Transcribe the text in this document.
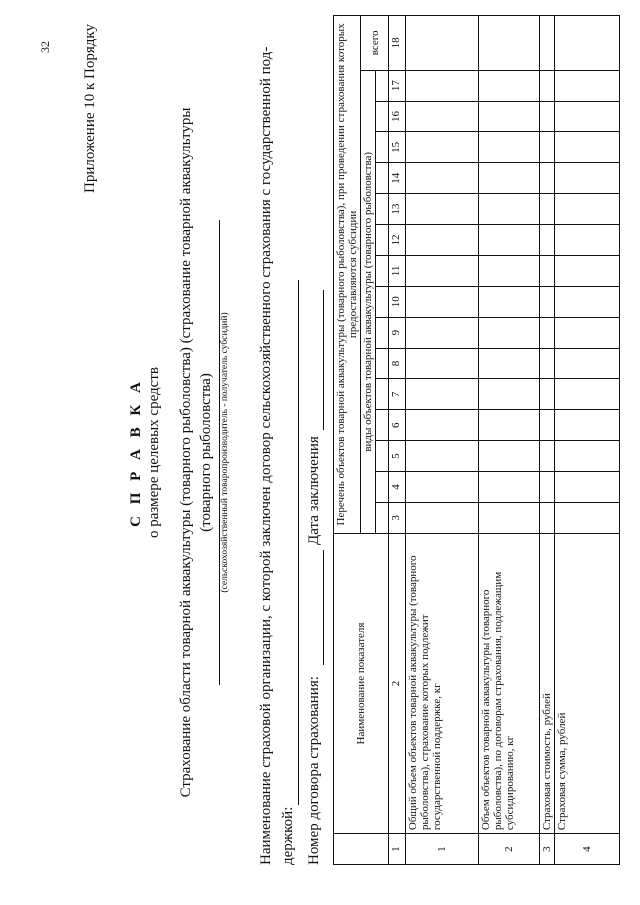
32 Приложение 10 к Порядку
С П Р А В К А о размере целевых средств Страхование области товарной аквакультуры (товарного рыболовства) (страхование товарной аквакультуры (товарного рыболовства) (сельскохозяйственный товаропроизводитель - получатель субсидий) Наименование страховой организации, с которой заключен договор сельскохозяйственного страхования с государственной под- держкой: Номер договора страхования:
Дата заключения
	Наименование показателя	Перечень объектов товарной аквакультуры (товарного рыболовства), при проведении страхования которых предоставляются субсидии															
		виды объектов товарной аквакультуры (товарного рыболовства)															всего

1	2	3	4	5	6	7	8	9	10	11	12	13	14	15	16	17	18
1	Общий объем объектов товарной аквакультуры (товарного рыболовства), страхование которых подлежит государственной поддержке, кг																
2	Объем объектов товарной аквакультуры (товарного рыболовства), по договорам страхования, подлежащим субсидированию, кг																
3	Страховая стоимость, рублей																
4	Страховая сумма, рублей																
